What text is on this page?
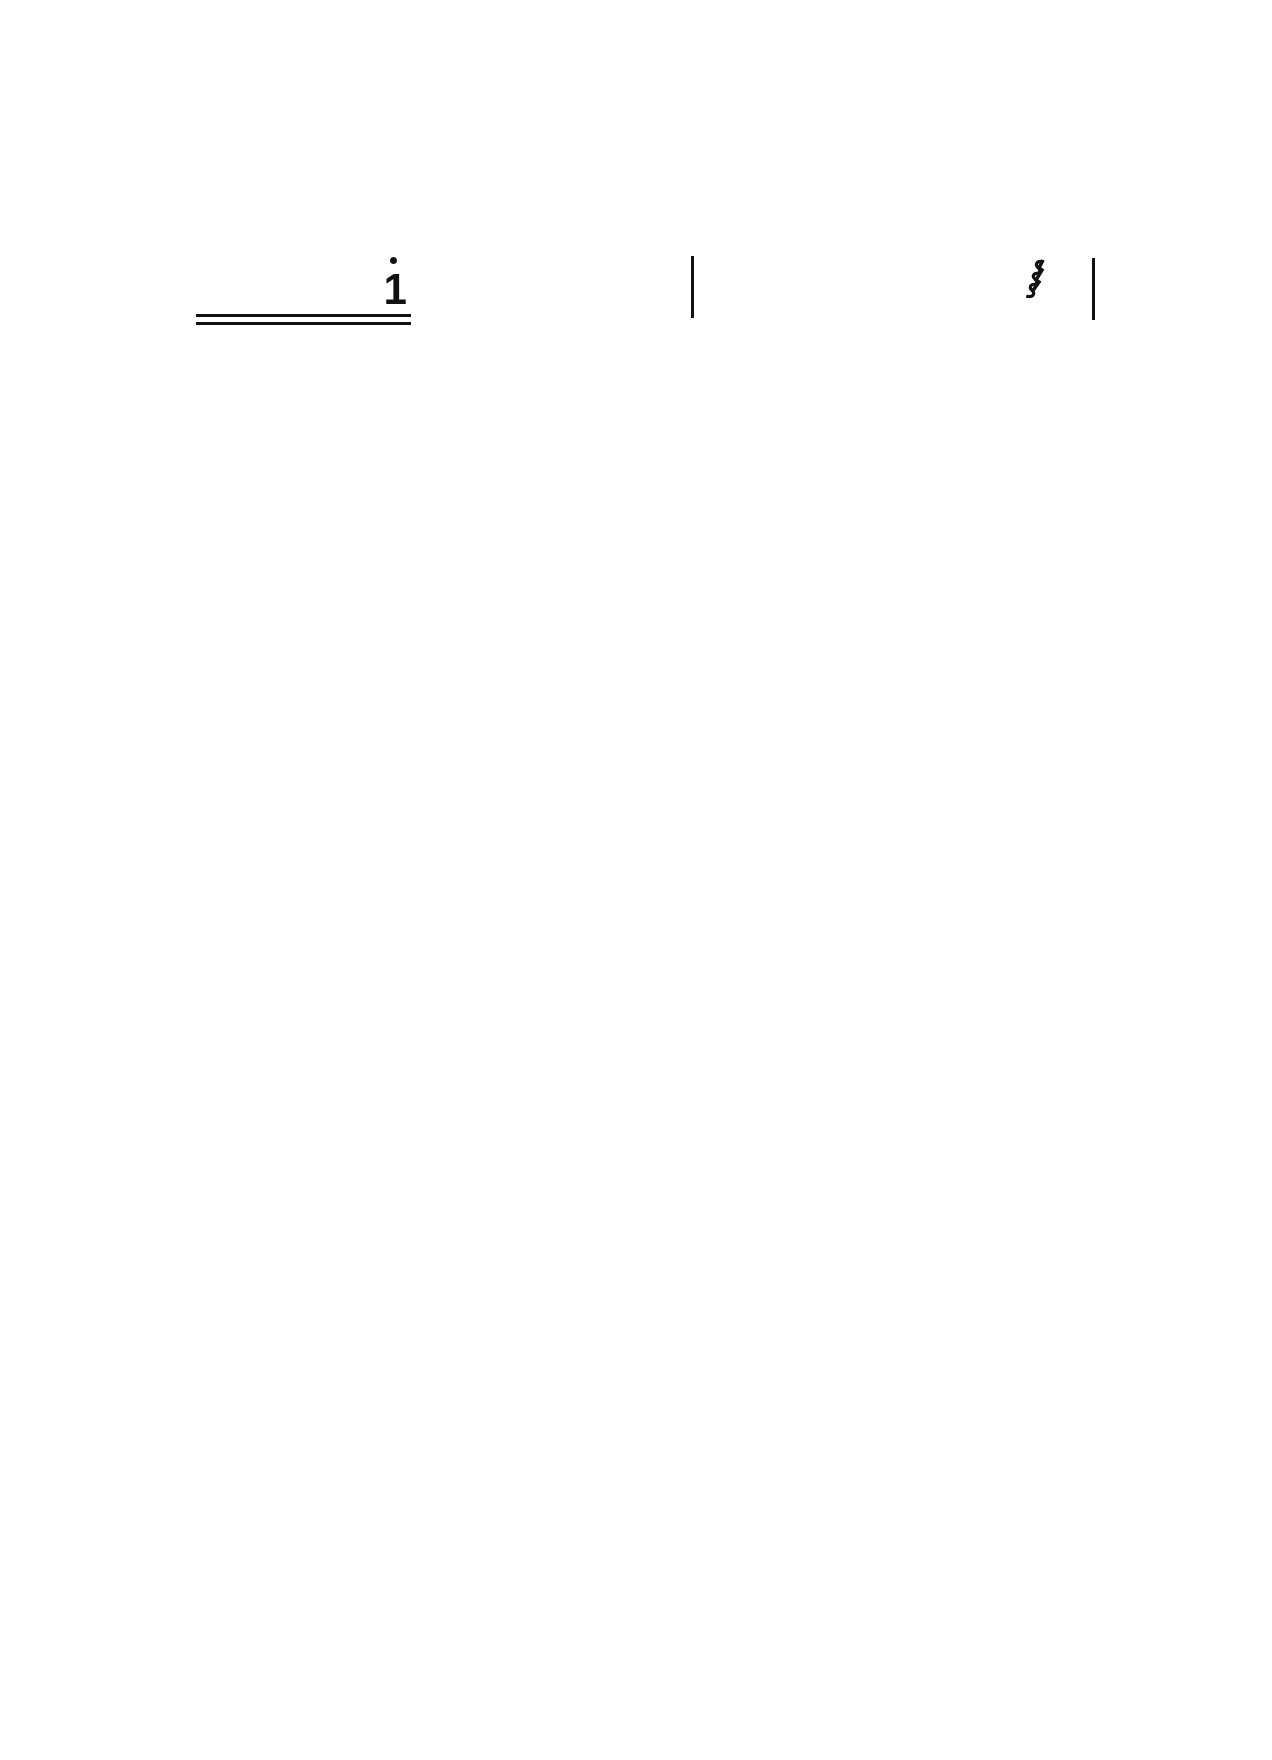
1	⸾
